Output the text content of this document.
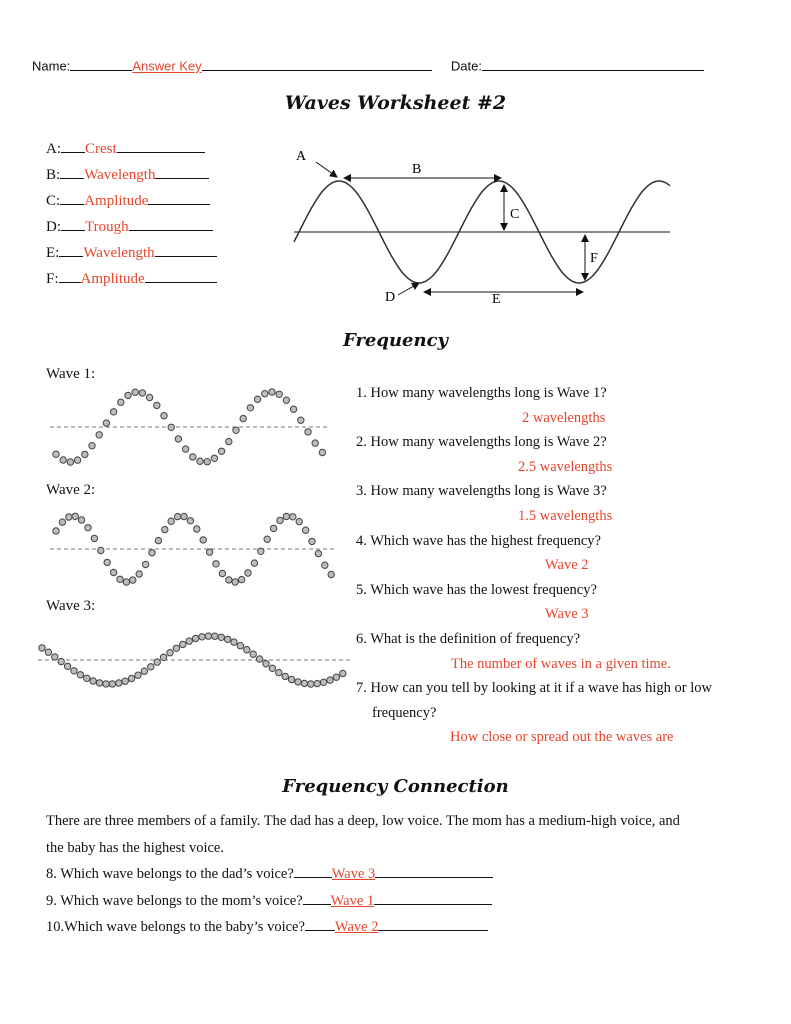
Name:	Answer Key	Date:
Waves Worksheet #2
A: Crest
B: Wavelength
C: Amplitude
D: Trough
E: Wavelength
F: Amplitude
A
B
C
F
D	E
Frequency
Wave 1:
Wave 2:
Wave 3:
1. How many wavelengths long is Wave 1?
2 wavelengths
2. How many wavelengths long is Wave 2?
2.5 wavelengths
3. How many wavelengths long is Wave 3?
1.5 wavelengths
4. Which wave has the highest frequency?
Wave 2
5. Which wave has the lowest frequency?
Wave 3
6. What is the definition of frequency?
The number of waves in a given time.
7. How can you tell by looking at it if a wave has high or low
frequency?
How close or spread out the waves are
Frequency Connection
There are three members of a family. The dad has a deep, low voice. The mom has a medium-high voice, and
the baby has the highest voice.
8. Which wave belongs to the dad’s voice?	Wave 3
9. Which wave belongs to the mom’s voice? Wave 1
10.Which wave belongs to the baby’s voice? Wave 2
